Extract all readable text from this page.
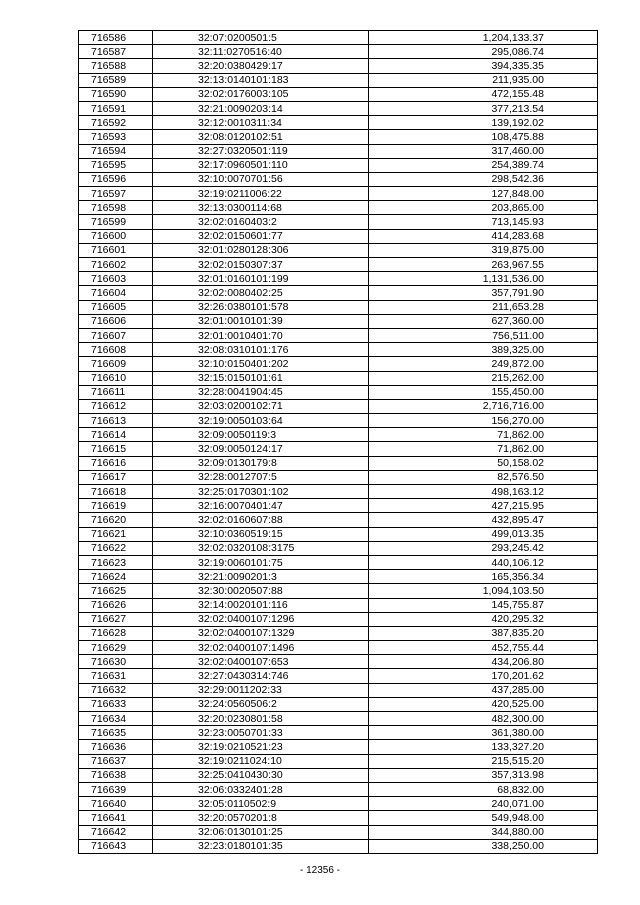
716586	32:07:0200501:5	1,204,133.37
716587	32:11:0270516:40	295,086.74
716588	32:20:0380429:17	394,335.35
716589	32:13:0140101:183	211,935.00
716590	32:02:0176003:105	472,155.48
716591	32:21:0090203:14	377,213.54
716592	32:12:0010311:34	139,192.02
716593	32:08:0120102:51	108,475.88
716594	32:27:0320501:119	317,460.00
716595	32:17:0960501:110	254,389.74
716596	32:10:0070701:56	298,542.36
716597	32:19:0211006:22	127,848.00
716598	32:13:0300114:68	203,865.00
716599	32:02:0160403:2	713,145.93
716600	32:02:0150601:77	414,283.68
716601	32:01:0280128:306	319,875.00
716602	32:02:0150307:37	263,967.55
716603	32:01:0160101:199	1,131,536.00
716604	32:02:0080402:25	357,791.90
716605	32:26:0380101:578	211,653.28
716606	32:01:0010101:39	627,360.00
716607	32:01:0010401:70	756,511.00
716608	32:08:0310101:176	389,325.00
716609	32:10:0150401:202	249,872.00
716610	32:15:0150101:61	215,262.00
716611	32:28:0041904:45	155,450.00
716612	32:03:0200102:71	2,716,716.00
716613	32:19:0050103:64	156,270.00
716614	32:09:0050119:3	71,862.00
716615	32:09:0050124:17	71,862.00
716616	32:09:0130179:8	50,158.02
716617	32:28:0012707:5	82,576.50
716618	32:25:0170301:102	498,163.12
716619	32:16:0070401:47	427,215.95
716620	32:02:0160607:88	432,895.47
716621	32:10:0360519:15	499,013.35
716622	32:02:0320108:3175	293,245.42
716623	32:19:0060101:75	440,106.12
716624	32:21:0090201:3	165,356.34
716625	32:30:0020507:88	1,094,103.50
716626	32:14:0020101:116	145,755.87
716627	32:02:0400107:1296	420,295.32
716628	32:02:0400107:1329	387,835.20
716629	32:02:0400107:1496	452,755.44
716630	32:02:0400107:653	434,206.80
716631	32:27:0430314:746	170,201.62
716632	32:29:0011202:33	437,285.00
716633	32:24:0560506:2	420,525.00
716634	32:20:0230801:58	482,300.00
716635	32:23:0050701:33	361,380.00
716636	32:19:0210521:23	133,327.20
716637	32:19:0211024:10	215,515.20
716638	32:25:0410430:30	357,313.98
716639	32:06:0332401:28	68,832.00
716640	32:05:0110502:9	240,071.00
716641	32:20:0570201:8	549,948.00
716642	32:06:0130101:25	344,880.00
716643	32:23:0180101:35	338,250.00
- 12356 -
